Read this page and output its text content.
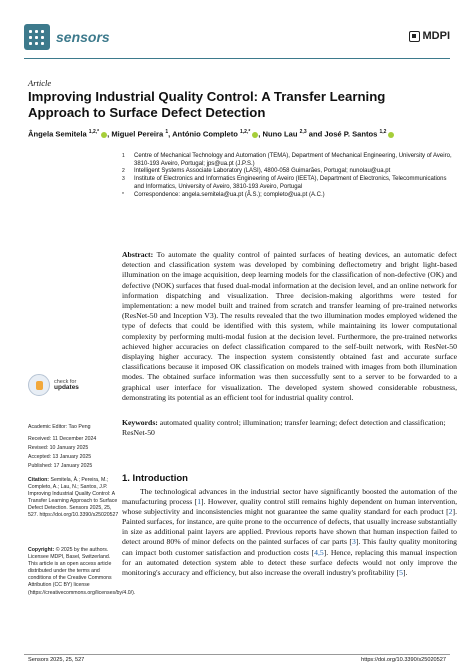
sensors	MDPI
Article
Improving Industrial Quality Control: A Transfer Learning Approach to Surface Defect Detection
Ângela Semitela $^{1,2,*}$ , Miguel Pereira $^1$, António Completo $^{1,2,*}$ , Nuno Lau $^{2,3}$ and José P. Santos $^{1,2}$
1	Centre of Mechanical Technology and Automation (TEMA), Department of Mechanical Engineering, University of Aveiro, 3810-193 Aveiro, Portugal; jps@ua.pt (J.P.S.)
2	Intelligent Systems Associate Laboratory (LASI), 4800-058 Guimarães, Portugal; nunolau@ua.pt
3	Institute of Electronics and Informatics Engineering of Aveiro (IEETA), Department of Electronics, Telecommunications and Informatics, University of Aveiro, 3810-193 Aveiro, Portugal
*	Correspondence: angela.semitela@ua.pt (Â.S.); completo@ua.pt (A.C.)
Abstract: To automate the quality control of painted surfaces of heating devices, an automatic defect detection and classification system was developed by combining deflectometry and bright light-based illumination on the image acquisition, deep learning models for the classification of non-defective (OK) and defective (NOK) surfaces that fused dual-modal information at the decision level, and an online network for information dispatching and visualization. Three decision-making algorithms were tested for implementation: a new model built and trained from scratch and transfer learning of pre-trained networks (ResNet-50 and Inception V3). The results revealed that the two illumination modes employed widened the type of defects that could be identified with this system, while maintaining its lower computational complexity by performing multi-modal fusion at the decision level. Furthermore, the pre-trained networks achieved higher accuracies on defect classification compared to the self-built network, with ResNet-50 displaying higher accuracy. The inspection system consistently obtained fast and accurate surface classifications because it imposed OK classification on models trained with images from both illumination modes. The obtained surface information was then successfully sent to a server to be forwarded to a graphical user interface for visualization. The developed system showed considerable robustness, demonstrating its potential as an efficient tool for industrial quality control.
Keywords: automated quality control; illumination; transfer learning; defect detection and classification; ResNet-50
1. Introduction
The technological advances in the industrial sector have significantly boosted the automation of the manufacturing process [1]. However, quality control still remains highly dependent on human intervention, whose subjectivity and inconsistencies might not guarantee the same quality standard for each product [2]. Painted surfaces, for instance, are quite prone to the occurrence of defects, that usually increase substantially in size as additional paint layers are applied. Previous reports have shown that human inspection failed to detect around 80% of minor defects on the painted surfaces of car parts [3]. This faulty quality monitoring can impact both customer satisfaction and production costs [4,5]. Hence, replacing this manual inspection for an automated detection system able to detect these surface defects would not only improve the monitoring's accuracy and efficiency, but also increase the overall industry's profitability [5].
check for
updates
Academic Editor: Tao Peng
Received: 11 December 2024
Revised: 10 January 2025
Accepted: 13 January 2025
Published: 17 January 2025
Citation: Semitela, Â.; Pereira, M.; Completo, A.; Lau, N.; Santos, J.P. Improving Industrial Quality Control: A Transfer Learning Approach to Surface Defect Detection. Sensors 2025, 25, 527. https://doi.org/10.3390/s25020527
Copyright: © 2025 by the authors. Licensee MDPI, Basel, Switzerland. This article is an open access article distributed under the terms and conditions of the Creative Commons Attribution (CC BY) license (https://creativecommons.org/licenses/by/4.0/).
Sensors 2025, 25, 527	https://doi.org/10.3390/s25020527
